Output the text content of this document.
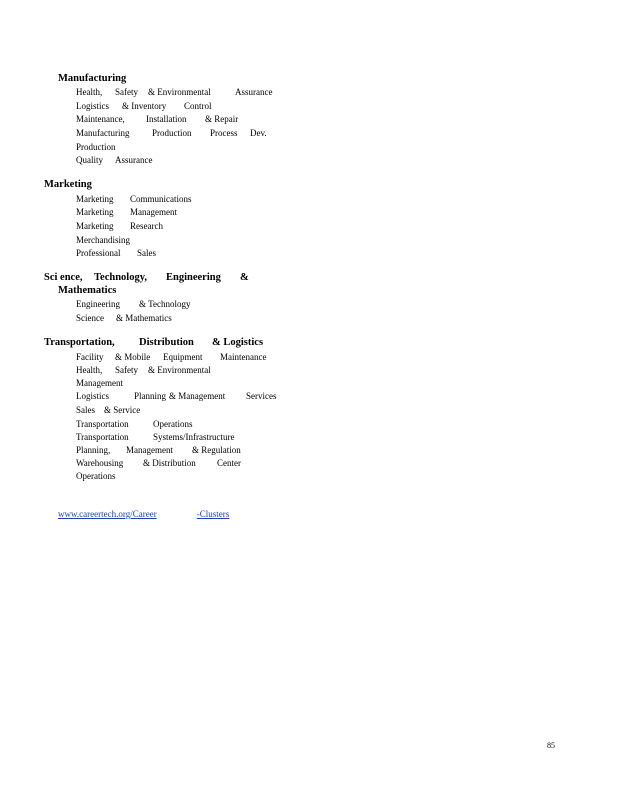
Manufacturing
Health, Safety & Environmental	Assurance
Logistics & Inventory Control
Maintenance, Installation & Repair
Manufacturing	Production Process Dev.
Production
Quality Assurance
Marketing
Marketing Communications
Marketing Management
Marketing Research
Merchandising
Professional Sales
Sci ence, Technology, Engineering &
Mathematics
Engineering & Technology
Science & Mathematics
Transportation, Distribution & Logistics
Facility & Mobile Equipment Maintenance
Health, Safety & Environmental
Management
Logistics	Planning & Management Services
Sales & Service
Transportation	Operations
Transportation	Systems/Infrastructure
Planning, Management & Regulation
Warehousing & Distribution Center
Operations
www.careertech.org/Career	-Clusters
85
